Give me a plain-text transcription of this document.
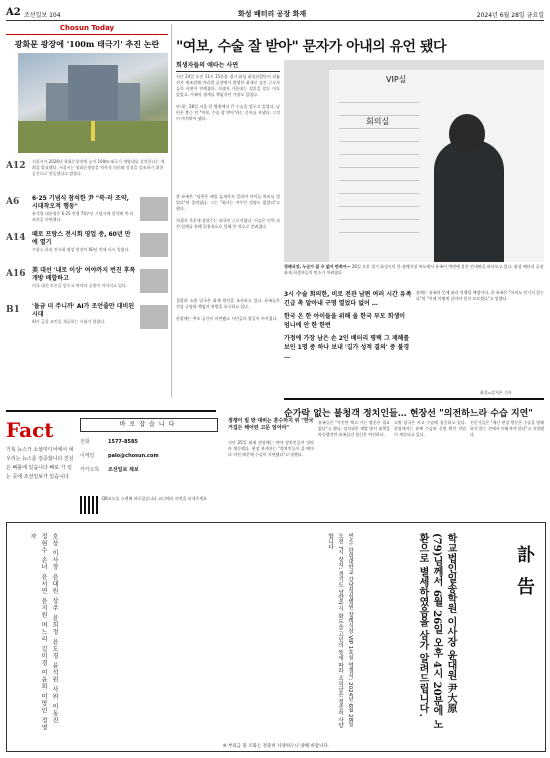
A2 조선일보 104	화성 배터리 공장 화재	2024년 6월 28일 금요일
Chosun Today
광화문 광장에 '100m 태극기' 추진 논란
A12 서울시가 2026년 광화문광장에 높이 100m 태극기 게양대를 설치한다는 계획을 발표했다. 서울시는 광화문광장을 역사적 의미와 상징을 강조하기 위한 공간으로 만들겠다고 밝혔다.
A6 6·25 기념식 참석한 尹 "북·러 조약, 시대착오적 행동"
윤석열 대통령은 6·25 전쟁 74주년 기념식에 참석해 북·러 조약을 비판했다.
A14 때로 프랑스 전시회 영업 중, 60년 만에 열기
프랑스 파리 전시회 영업 현장이 60년 만에 다시 열렸다.
A16 美 대선 '내로 이상' 여야까지 번진 후폭 개방 배합하고
미국 대선 토론을 앞두고 여야의 공방이 이어지고 있다.
B1 '돌금 더 주니까' AI가 조언줄만 대비된 시대
AI가 금융 조언을 제공하는 시대가 열렸다.
"여보, 수술 잘 받아" 문자가 아내의 유언 됐다
희생자들의 애타는 사연
지난 24일 오전 11시 15분쯤 경기 화성 화성산업단지 리튬전지 제조업체 아리셀 공장에서 발생한 화재로 숨진 근로자들의 사연이 전해졌다. 희생자 가운데는 결혼을 앞둔 이도 있었고, 가족의 생계를 책임지던 가장도 있었다.

아내는 28일 서울 한 병원에서 큰 수술을 앞두고 있었다. 남편은 출근 전 "여보, 수술 잘 받아"라는 문자를 보냈다. 그것이 마지막이 됐다.
한 유족은 "남편은 매일 늦게까지 일하며 아이들 학비를 벌었다"며 울먹였다. 그는 "회사는 아무런 설명도 없었다"고 했다.

희생자 가운데 상당수는 외국인 근로자였다. 이들은 인력 파견 업체를 통해 일용직으로 일해 온 것으로 알려졌다.
경찰과 소방 당국은 화재 원인을 조사하고 있다. 유족들은 진상 규명과 책임자 처벌을 요구하고 있다.

현장에는 추모 공간이 마련됐고 시민들의 발길이 이어졌다.
VIP실
회의실
경례식장, 누군가 잘 수 없어 반죽어— 26일 오후 경기 화성시의 한 장례식장 복도에서 유족이 벽면에 붙은 안내판을 바라보고 있다. 화성 배터리 공장 화재 희생자들의 빈소가 차려졌다.
3시 수술 회의한, 비로 전관 남편 여러 시간 유족 긴급 촉 알아내 구명 열었다 없어 …
한국 온 한 아이들을 위해 올 한국 부모 희생이 엄니에 안 한 한번
가정에 가장 남은 손 2인 배터리 평택 그 재해를 보인 1명 중 하나 보내 '길가 성적 결의' 중 불경 …
장례는 유족의 뜻에 따라 진행될 예정이다. 한 유족은 "아직도 믿기지 않는다"며 "이제 어떻게 살아야 할지 모르겠다"고 말했다.
화성=강지은 기자
순가락 없는 불청객 정치인들… 현장선 "의전하느라 수습 지연"
정쟁이 빌 방 대비는 혼수까지 위 "한국 거겁든 해어떤 고문 엄어야"
지난 25일 화재 현장에는 여야 정치인들이 잇따라 방문했다. 현장 관계자는 "정치인들이 올 때마다 의전 때문에 수습이 지연됐다"고 말했다.
유족들은 "사진만 찍고 가는 방문은 필요 없다"고 했다. 정치권은 재발 방지 대책을 약속했지만 유족들의 불신은 여전하다.
소방 당국은 사고 수습에 집중하고 있다. 현장에서는 유해 수습과 신원 확인 작업이 계속되고 있다.
전문가들은 "재난 현장 방문은 수습을 방해하지 않는 선에서 이뤄져야 한다"고 지적했다.
Fact
기록 뉴스가 소셜미디어에서 퍼 우리는 뉴스를 검증합니다 진실은 뼈틀에 있습니다 뼈로 가 있는 곳에 조선일보가 있습니다
바로잡습니다
전화	1577-8585
이메일	palo@chosun.com
카카오톡 조선일보 제보
QR코드를 스캔해 바로잡습니다 코너에서 의견을 보내주세요
訃告
학교법인일송학원 이사장 윤대원 尹大原 (79)님께서 6월 26일 오후 4시 20분에 노환으로 별세하였음을 삼가 알려드립니다.
빈소: 한림대학교 강남성심병원 장례식장 VIP 1호실 영결식: 2024년 6월 28일 오전 7시 장지: 경기도 남양주시 화도읍 고인의 뜻에 따라 조의금은 정중히 사양합니다
호상 이사장 윤대원 상주 윤희정 윤도경 윤석원 사위 이동진 정현수 손녀 윤서연 윤지원 며느리 김미경 이윤희 미망인 정영자
※ 부의금 및 조화는 정중히 사양하오니 양해 바랍니다.
